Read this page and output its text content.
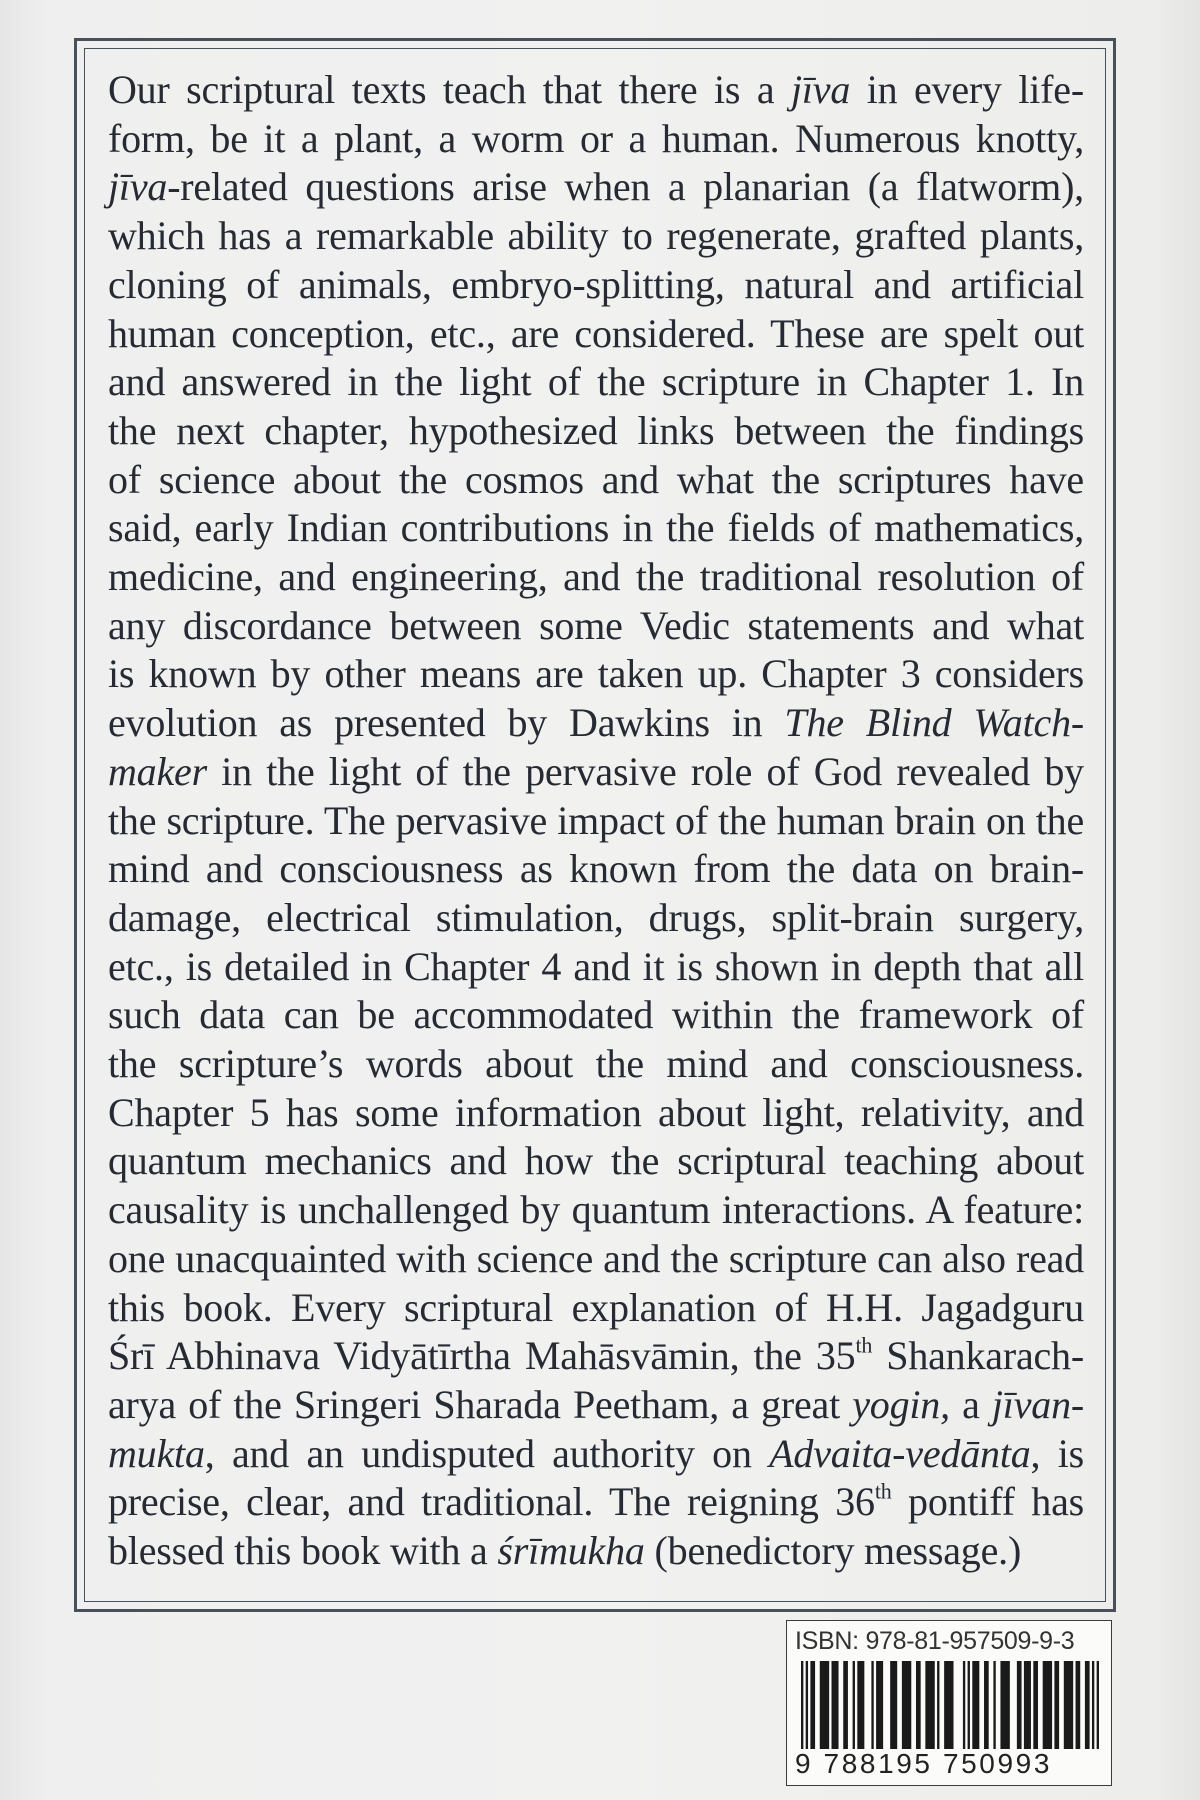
Our scriptural texts teach that there is a jīva in every life-
form, be it a plant, a worm or a human. Numerous knotty,
jīva-related questions arise when a planarian (a flatworm),
which has a remarkable ability to regenerate, grafted plants,
cloning of animals, embryo-splitting, natural and artificial
human conception, etc., are considered. These are spelt out
and answered in the light of the scripture in Chapter 1. In
the next chapter, hypothesized links between the findings
of science about the cosmos and what the scriptures have
said, early Indian contributions in the fields of mathematics,
medicine, and engineering, and the traditional resolution of
any discordance between some Vedic statements and what
is known by other means are taken up. Chapter 3 considers
evolution as presented by Dawkins in The Blind Watch-
maker in the light of the pervasive role of God revealed by
the scripture. The pervasive impact of the human brain on the
mind and consciousness as known from the data on brain-
damage, electrical stimulation, drugs, split-brain surgery,
etc., is detailed in Chapter 4 and it is shown in depth that all
such data can be accommodated within the framework of
the scripture’s words about the mind and consciousness.
Chapter 5 has some information about light, relativity, and
quantum mechanics and how the scriptural teaching about
causality is unchallenged by quantum interactions. A feature:
one unacquainted with science and the scripture can also read
this book. Every scriptural explanation of H.H. Jagadguru
Śrī Abhinava Vidyātīrtha Mahāsvāmin, the 35th Shankarach-
arya of the Sringeri Sharada Peetham, a great yogin, a jīvan-
mukta, and an undisputed authority on Advaita-vedānta, is
precise, clear, and traditional. The reigning 36th pontiff has
blessed this book with a śrīmukha (benedictory message.)
ISBN: 978-81-957509-9-3
9 788195 750993
